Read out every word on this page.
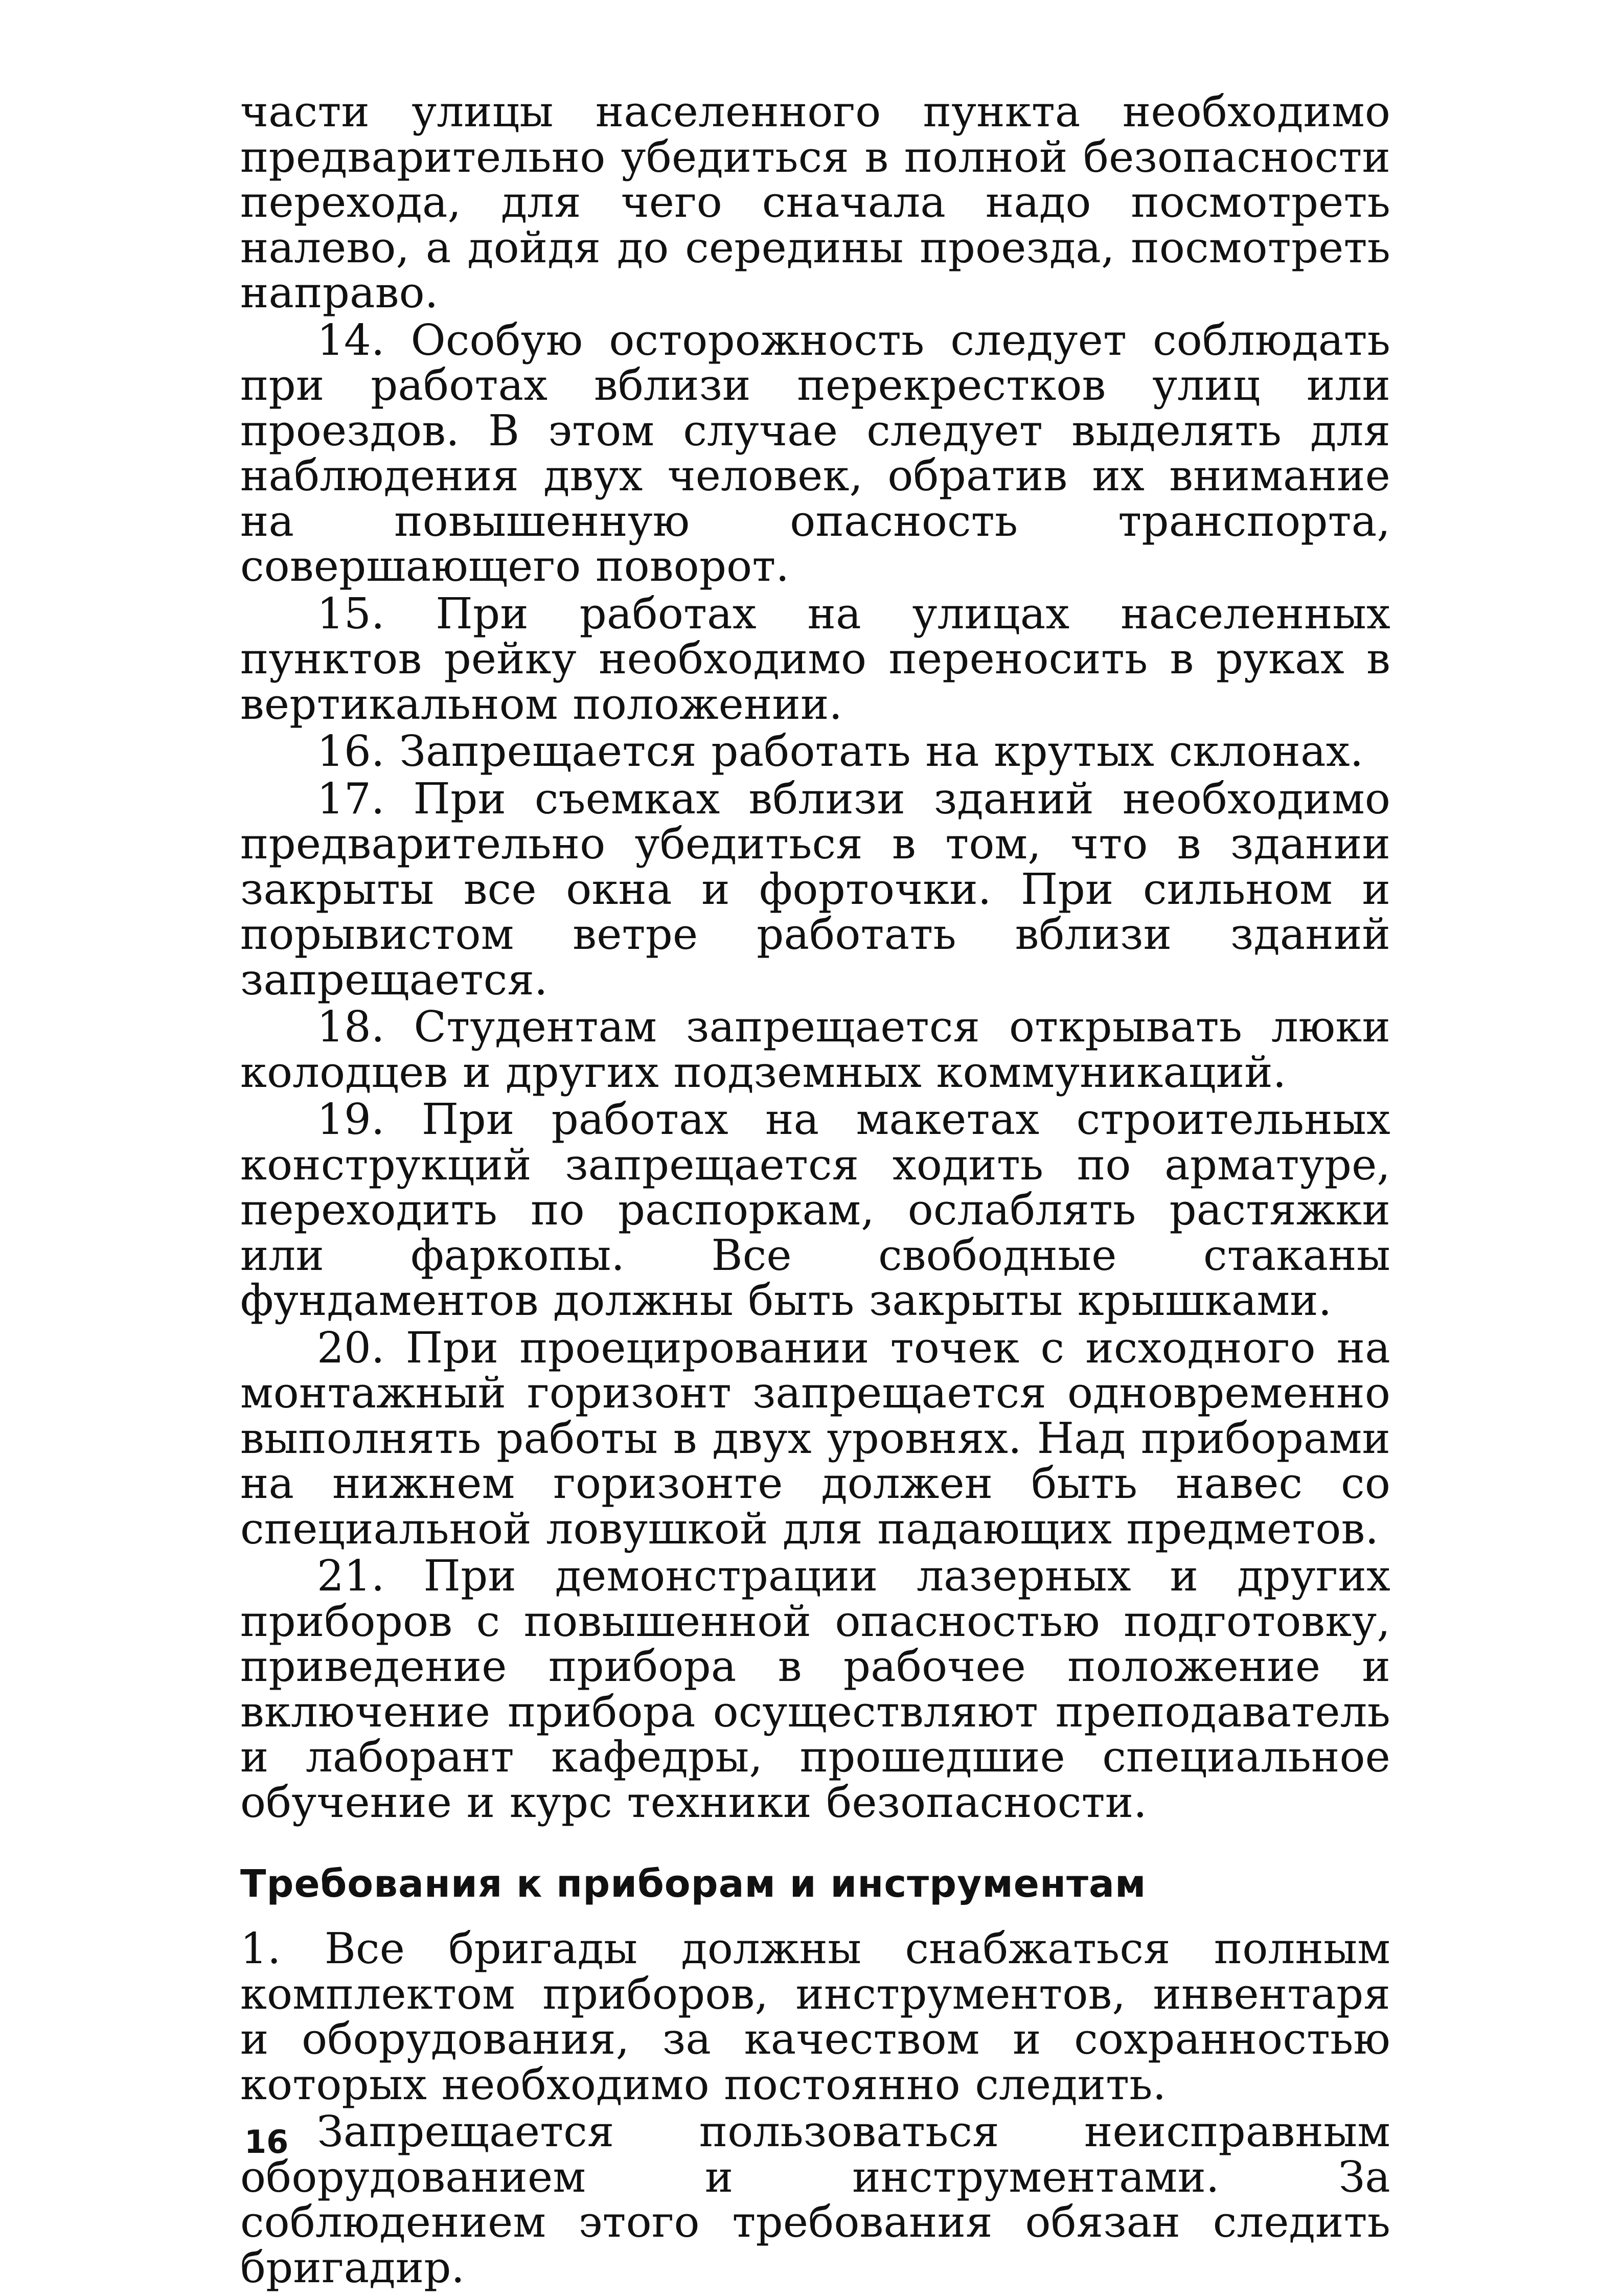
части улицы населенного пункта необходимо предварительно убедиться в полной безопасности перехода, для чего сначала надо посмотреть налево, а дойдя до середины проезда, посмотреть направо.

14. Особую осторожность следует соблюдать при работах вблизи перекрестков улиц или проездов. В этом случае следует выделять для наблюдения двух человек, обратив их внимание на повышенную опасность транспорта, совершающего поворот.

15. При работах на улицах населенных пунктов рейку необходимо переносить в руках в вертикальном положении.

16. Запрещается работать на крутых склонах.

17. При съемках вблизи зданий необходимо предварительно убедиться в том, что в здании закрыты все окна и форточки. При сильном и порывистом ветре работать вблизи зданий запрещается.

18. Студентам запрещается открывать люки колодцев и других подземных коммуникаций.

19. При работах на макетах строительных конструкций запрещается ходить по арматуре, переходить по распоркам, ослаблять растяжки или фаркопы. Все свободные стаканы фундаментов должны быть закрыты крышками.

20. При проецировании точек с исходного на монтажный горизонт запрещается одновременно выполнять работы в двух уровнях. Над приборами на нижнем горизонте должен быть навес со специальной ловушкой для падающих предметов.

21. При демонстрации лазерных и других приборов с повышенной опасностью подготовку, приведение прибора в рабочее положение и включение прибора осуществляют преподаватель и лаборант кафедры, прошедшие специальное обучение и курс техники безопасности.

Требования к приборам и инструментам

1. Все бригады должны снабжаться полным комплектом приборов, инструментов, инвентаря и оборудования, за качеством и сохранностью которых необходимо постоянно следить.

Запрещается пользоваться неисправным оборудованием и инструментами. За соблюдением этого требования обязан следить бригадир.

16
